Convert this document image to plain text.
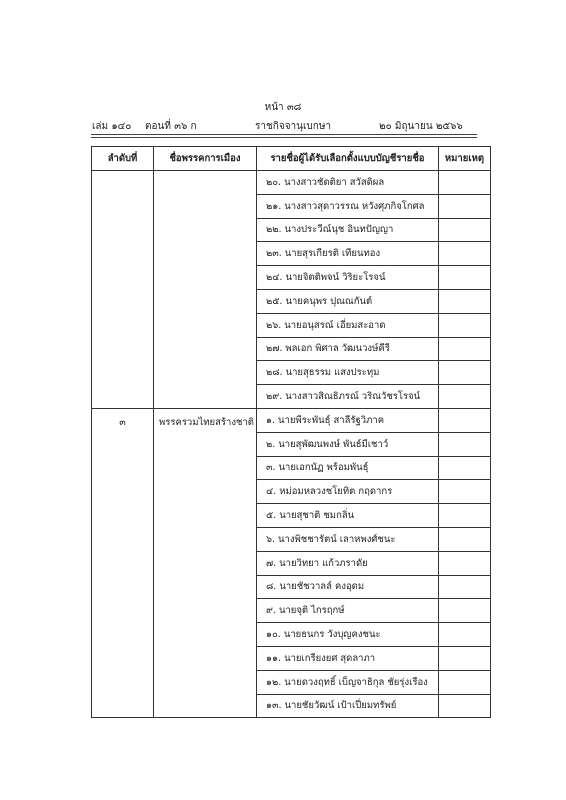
หน้า ๓๘
เล่ม ๑๔๐ ตอนที่ ๓๖ ก	ราชกิจจานุเบกษา	๒๐ มิถุนายน ๒๕๖๖
ลำดับที่	ชื่อพรรคการเมือง	รายชื่อผู้ได้รับเลือกตั้งแบบบัญชีรายชื่อ	หมายเหตุ
		๒๐. นางสาวชัดติยา สวัสดิผล	
		๒๑. นางสาวสุดาวรรณ หวังศุภกิจโกศล	
		๒๒. นางประวีณ์นุช อินทปัญญา	
		๒๓. นายสุรเกียรติ เทียนทอง	
		๒๔. นายจิตติพจน์ วิริยะโรจน์	
		๒๕. นายคนุพร ปุณณกันต์	
		๒๖. นายอนุสรณ์ เอี่ยมสะอาด	
		๒๗. พลเอก พิศาล วัฒนวงษ์คีรี	
		๒๘. นายสุธรรม แสงประทุม	
		๒๙. นางสาวสิณธิภรณ์ วริณวัชรโรจน์	
๓	พรรครวมไทยสร้างชาติ	๑. นายพีระพันธุ์ สาลีรัฐวิภาค	
		๒. นายสุพัฒนพงษ์ พันธ์มีเชาว์	
		๓. นายเอกนัฏ พร้อมพันธุ์	
		๔. หม่อมหลวงชโยทิต กฤดากร	
		๕. นายสุชาติ ชมกลิ่น	
		๖. นางพิชชารัตน์ เลาหพงศ์ชนะ	
		๗. นายวิทยา แก้วภราดัย	
		๘. นายชัชวาลล์ คงอุดม	
		๙. นายจุติ ไกรฤกษ์	
		๑๐. นายธนกร วังบุญคงชนะ	
		๑๑. นายเกรียงยศ สุดลาภา	
		๑๒. นายดวงฤทธิ์ เบ็ญจาธิกุล ชัยรุ่งเรือง	
		๑๓. นายชัยวัฒน์ เป้าเปี่ยมทรัพย์	
